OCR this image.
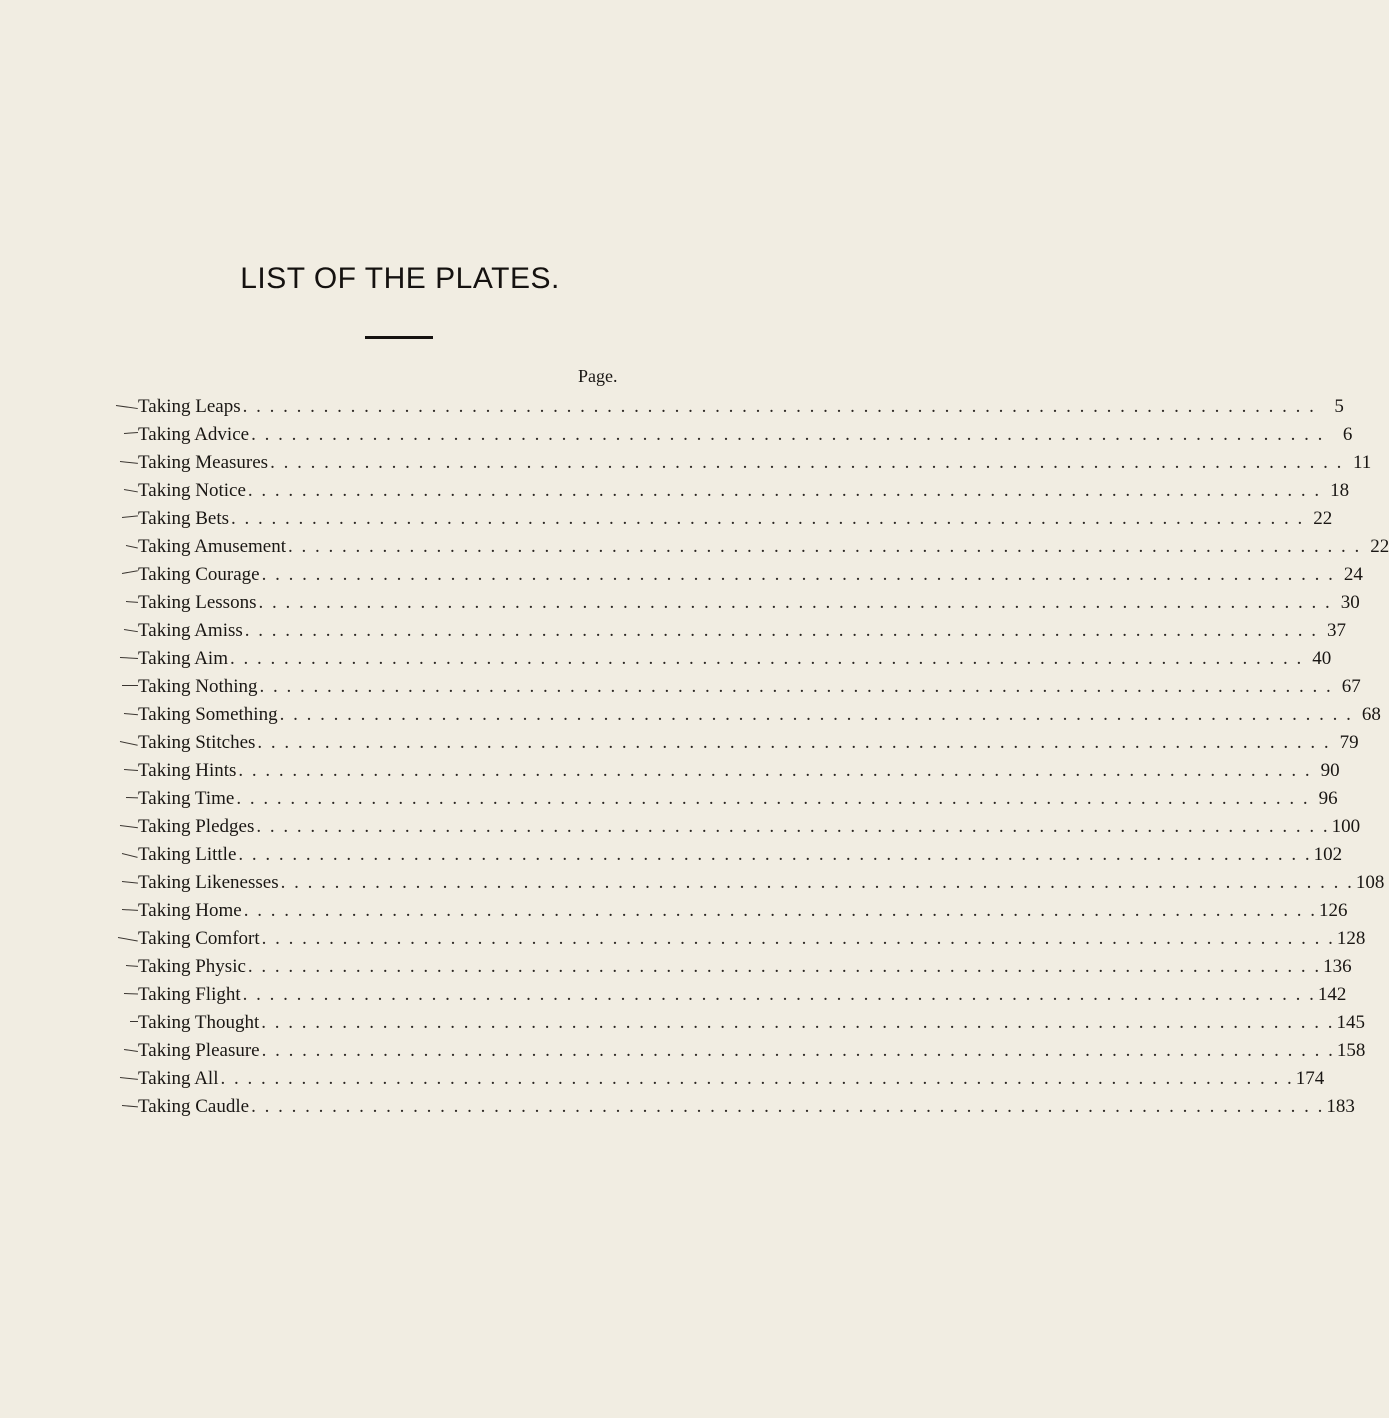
LIST OF THE PLATES.
Page.
Taking Leaps . . . . . . . . . . . . . . . . . . . . . . . . . . . . . . . . . . . . . . . . . . . . . . . . . . . . . . . . . . . . . . . . . . . . . . . . . . . . . . . . 5
Taking Advice . . . . . . . . . . . . . . . . . . . . . . . . . . . . . . . . . . . . . . . . . . . . . . . . . . . . . . . . . . . . . . . . . . . . . . . . . . . . . . . . 6
Taking Measures . . . . . . . . . . . . . . . . . . . . . . . . . . . . . . . . . . . . . . . . . . . . . . . . . . . . . . . . . . . . . . . . . . . . . . . . . . . . . . . . 11
Taking Notice . . . . . . . . . . . . . . . . . . . . . . . . . . . . . . . . . . . . . . . . . . . . . . . . . . . . . . . . . . . . . . . . . . . . . . . . . . . . . . . . 18
Taking Bets . . . . . . . . . . . . . . . . . . . . . . . . . . . . . . . . . . . . . . . . . . . . . . . . . . . . . . . . . . . . . . . . . . . . . . . . . . . . . . . . 22
Taking Amusement . . . . . . . . . . . . . . . . . . . . . . . . . . . . . . . . . . . . . . . . . . . . . . . . . . . . . . . . . . . . . . . . . . . . . . . . . . . . . . . . 22
Taking Courage . . . . . . . . . . . . . . . . . . . . . . . . . . . . . . . . . . . . . . . . . . . . . . . . . . . . . . . . . . . . . . . . . . . . . . . . . . . . . . . . 24
Taking Lessons . . . . . . . . . . . . . . . . . . . . . . . . . . . . . . . . . . . . . . . . . . . . . . . . . . . . . . . . . . . . . . . . . . . . . . . . . . . . . . . . 30
Taking Amiss . . . . . . . . . . . . . . . . . . . . . . . . . . . . . . . . . . . . . . . . . . . . . . . . . . . . . . . . . . . . . . . . . . . . . . . . . . . . . . . . 37
Taking Aim . . . . . . . . . . . . . . . . . . . . . . . . . . . . . . . . . . . . . . . . . . . . . . . . . . . . . . . . . . . . . . . . . . . . . . . . . . . . . . . . 40
Taking Nothing . . . . . . . . . . . . . . . . . . . . . . . . . . . . . . . . . . . . . . . . . . . . . . . . . . . . . . . . . . . . . . . . . . . . . . . . . . . . . . . . 67
Taking Something . . . . . . . . . . . . . . . . . . . . . . . . . . . . . . . . . . . . . . . . . . . . . . . . . . . . . . . . . . . . . . . . . . . . . . . . . . . . . . . . 68
Taking Stitches . . . . . . . . . . . . . . . . . . . . . . . . . . . . . . . . . . . . . . . . . . . . . . . . . . . . . . . . . . . . . . . . . . . . . . . . . . . . . . . . 79
Taking Hints . . . . . . . . . . . . . . . . . . . . . . . . . . . . . . . . . . . . . . . . . . . . . . . . . . . . . . . . . . . . . . . . . . . . . . . . . . . . . . . . 90
Taking Time . . . . . . . . . . . . . . . . . . . . . . . . . . . . . . . . . . . . . . . . . . . . . . . . . . . . . . . . . . . . . . . . . . . . . . . . . . . . . . . . 96
Taking Pledges . . . . . . . . . . . . . . . . . . . . . . . . . . . . . . . . . . . . . . . . . . . . . . . . . . . . . . . . . . . . . . . . . . . . . . . . . . . . . . . . 100
Taking Little . . . . . . . . . . . . . . . . . . . . . . . . . . . . . . . . . . . . . . . . . . . . . . . . . . . . . . . . . . . . . . . . . . . . . . . . . . . . . . . . 102
Taking Likenesses . . . . . . . . . . . . . . . . . . . . . . . . . . . . . . . . . . . . . . . . . . . . . . . . . . . . . . . . . . . . . . . . . . . . . . . . . . . . . . . . 108
Taking Home . . . . . . . . . . . . . . . . . . . . . . . . . . . . . . . . . . . . . . . . . . . . . . . . . . . . . . . . . . . . . . . . . . . . . . . . . . . . . . . . 126
Taking Comfort . . . . . . . . . . . . . . . . . . . . . . . . . . . . . . . . . . . . . . . . . . . . . . . . . . . . . . . . . . . . . . . . . . . . . . . . . . . . . . . . 128
Taking Physic . . . . . . . . . . . . . . . . . . . . . . . . . . . . . . . . . . . . . . . . . . . . . . . . . . . . . . . . . . . . . . . . . . . . . . . . . . . . . . . . 136
Taking Flight . . . . . . . . . . . . . . . . . . . . . . . . . . . . . . . . . . . . . . . . . . . . . . . . . . . . . . . . . . . . . . . . . . . . . . . . . . . . . . . . 142
Taking Thought . . . . . . . . . . . . . . . . . . . . . . . . . . . . . . . . . . . . . . . . . . . . . . . . . . . . . . . . . . . . . . . . . . . . . . . . . . . . . . . . 145
Taking Pleasure . . . . . . . . . . . . . . . . . . . . . . . . . . . . . . . . . . . . . . . . . . . . . . . . . . . . . . . . . . . . . . . . . . . . . . . . . . . . . . . . 158
Taking All . . . . . . . . . . . . . . . . . . . . . . . . . . . . . . . . . . . . . . . . . . . . . . . . . . . . . . . . . . . . . . . . . . . . . . . . . . . . . . . . 174
Taking Caudle . . . . . . . . . . . . . . . . . . . . . . . . . . . . . . . . . . . . . . . . . . . . . . . . . . . . . . . . . . . . . . . . . . . . . . . . . . . . . . . . 183
